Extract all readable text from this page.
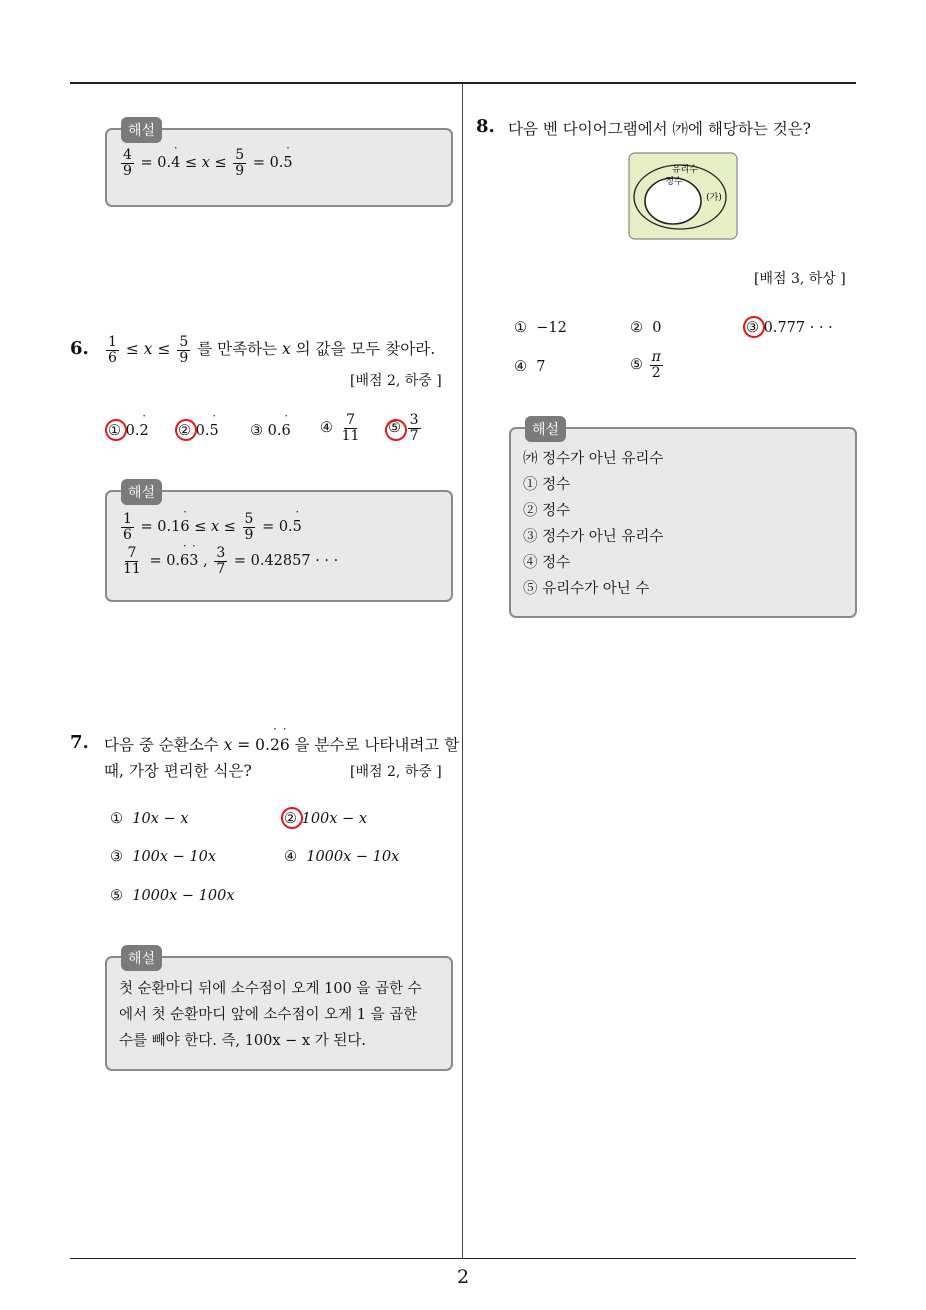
해설
$\frac{4}{9} = 0.4$ ˙ ≤ $x \le \frac{5}{9} = 0.5$ ˙
6. $\frac{1}{6} \le x \le \frac{5}{9}$ 를 만족하는 x 의 값을 모두 찾아라.
[배점 2, 하중 ]
① 0.2 ˙ ② 0.5 ˙ ③ 0.6 ˙ ④ $\frac{7}{11}$ ⑤ $\frac{3}{7}$
해설
$\frac{1}{6} = 0.16$ ˙ ≤ $x \le \frac{5}{9} = 0.5$ ˙
$\frac{7}{11} = 0.6$ ˙3 ˙ , $\frac{3}{7} = 0.42857$ · · ·
7. 다음 중 순환소수 x = 0.2 ˙6 ˙ 을 분수로 나타내려고 할
때, 가장 편리한 식은?	[배점 2, 하중 ]
① 10x − x	② 100x − x
③ 100x − 10x	④ 1000x − 10x
⑤ 1000x − 100x
해설
첫 순환마디 뒤에 소수점이 오게 100 을 곱한 수
에서 첫 순환마디 앞에 소수점이 오게 1 을 곱한
수를 빼야 한다. 즉, 100x − x 가 된다.
8. 다음 벤 다이어그램에서 ㈎에 해당하는 것은?
유리수
정수
(가)
[배점 3, 하상 ]
① −12	② 0	③ 0.777 · · ·
④ 7	⑤ $\frac{\pi}{2}$
해설
㈎ 정수가 아닌 유리수
① 정수
② 정수
③ 정수가 아닌 유리수
④ 정수
⑤ 유리수가 아닌 수
2
